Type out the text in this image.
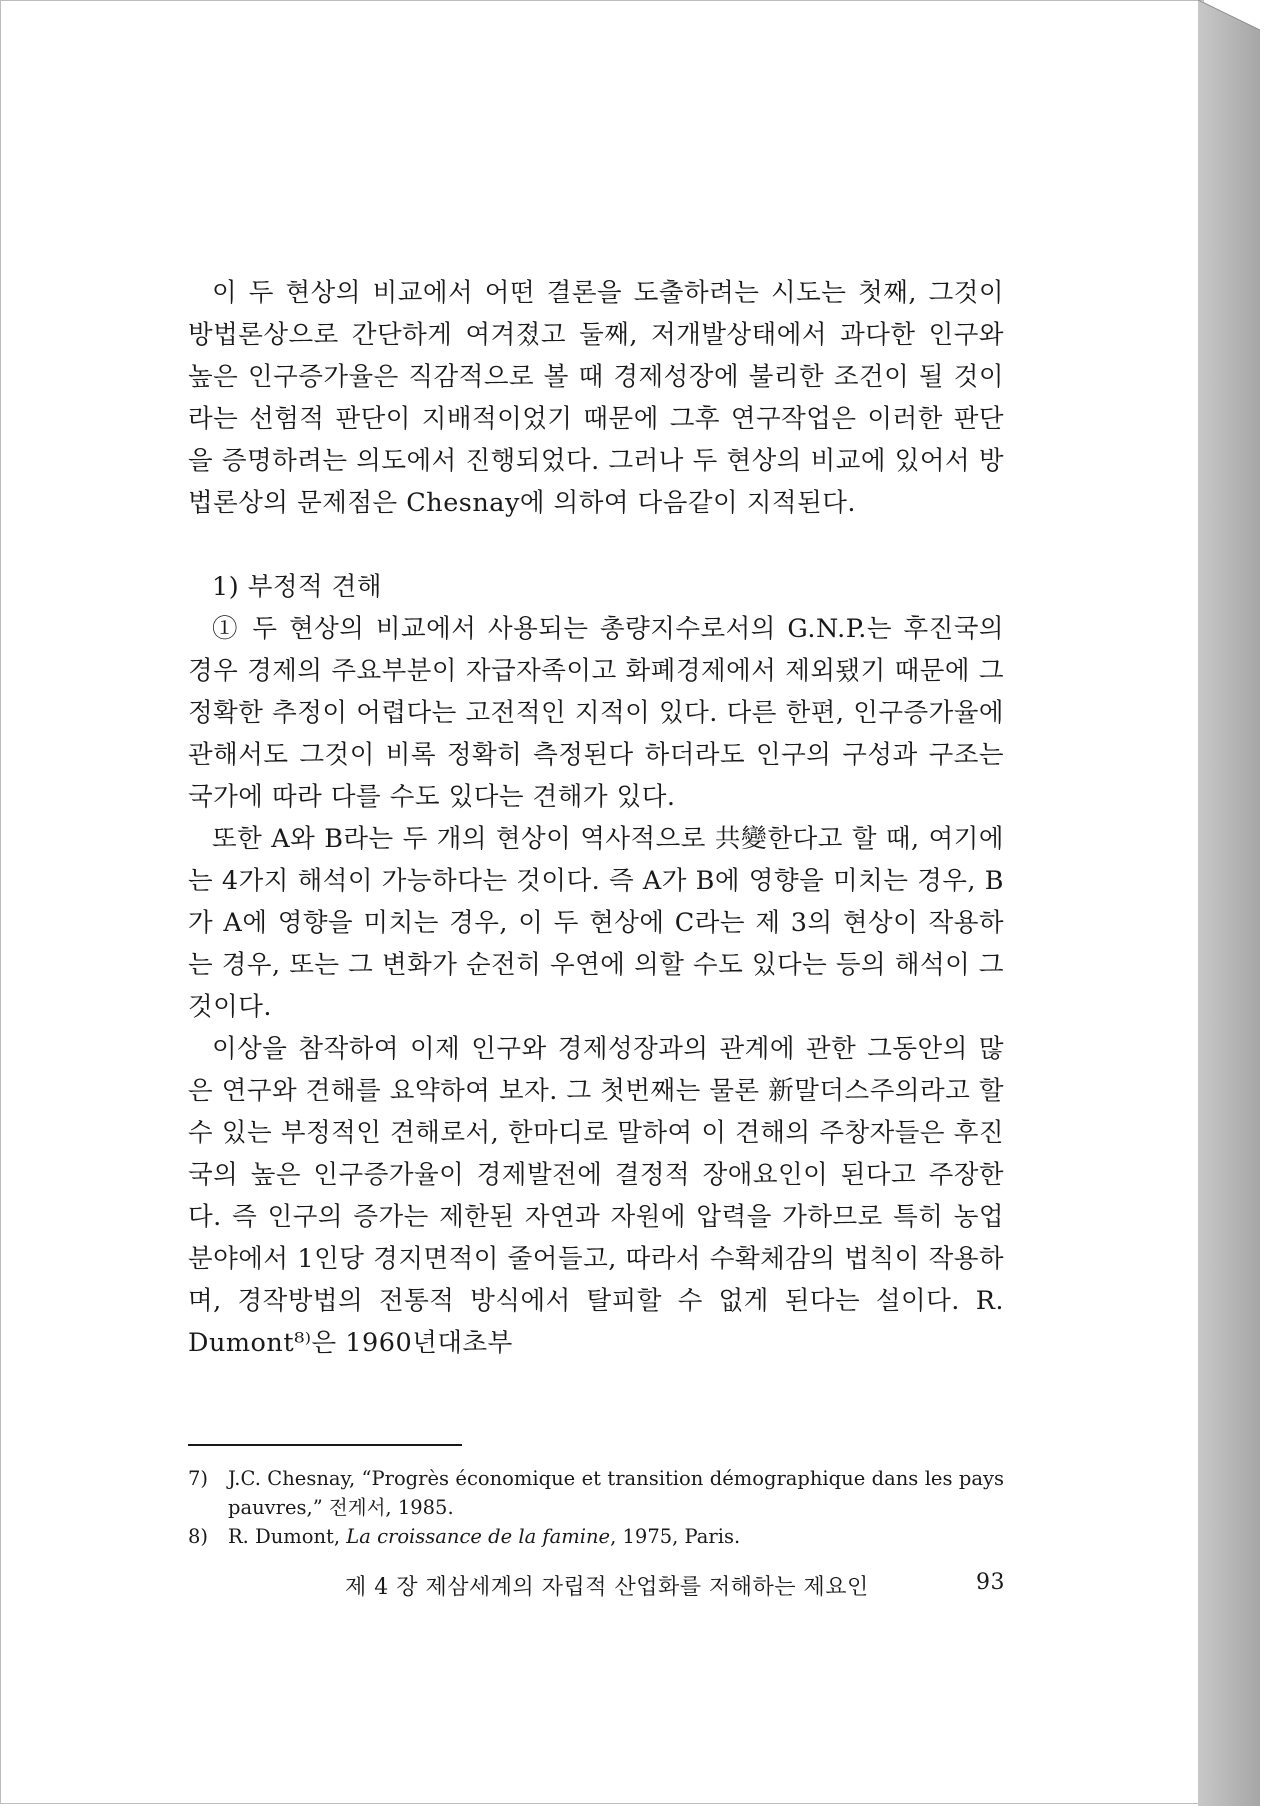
이 두 현상의 비교에서 어떤 결론을 도출하려는 시도는 첫째, 그것이 방법론상으로 간단하게 여겨졌고 둘째, 저개발상태에서 과다한 인구와 높은 인구증가율은 직감적으로 볼 때 경제성장에 불리한 조건이 될 것이라는 선험적 판단이 지배적이었기 때문에 그후 연구작업은 이러한 판단을 증명하려는 의도에서 진행되었다. 그러나 두 현상의 비교에 있어서 방법론상의 문제점은 Chesnay에 의하여 다음같이 지적된다.

1) 부정적 견해

① 두 현상의 비교에서 사용되는 총량지수로서의 G.N.P.는 후진국의 경우 경제의 주요부분이 자급자족이고 화폐경제에서 제외됐기 때문에 그 정확한 추정이 어렵다는 고전적인 지적이 있다. 다른 한편, 인구증가율에 관해서도 그것이 비록 정확히 측정된다 하더라도 인구의 구성과 구조는 국가에 따라 다를 수도 있다는 견해가 있다.

또한 A와 B라는 두 개의 현상이 역사적으로 共變한다고 할 때, 여기에는 4가지 해석이 가능하다는 것이다. 즉 A가 B에 영향을 미치는 경우, B가 A에 영향을 미치는 경우, 이 두 현상에 C라는 제 3의 현상이 작용하는 경우, 또는 그 변화가 순전히 우연에 의할 수도 있다는 등의 해석이 그것이다.

이상을 참작하여 이제 인구와 경제성장과의 관계에 관한 그동안의 많은 연구와 견해를 요약하여 보자. 그 첫번째는 물론 新말더스주의라고 할 수 있는 부정적인 견해로서, 한마디로 말하여 이 견해의 주창자들은 후진국의 높은 인구증가율이 경제발전에 결정적 장애요인이 된다고 주장한다. 즉 인구의 증가는 제한된 자연과 자원에 압력을 가하므로 특히 농업분야에서 1인당 경지면적이 줄어들고, 따라서 수확체감의 법칙이 작용하며, 경작방법의 전통적 방식에서 탈피할 수 없게 된다는 설이다. R. Dumont⁸⁾은 1960년대초부

7)	J.C. Chesnay, “Progrès économique et transition démographique dans les pays pauvres,” 전게서, 1985.

8)	R. Dumont, La croissance de la famine, 1975, Paris.

제 4 장 제삼세계의 자립적 산업화를 저해하는 제요인	93
